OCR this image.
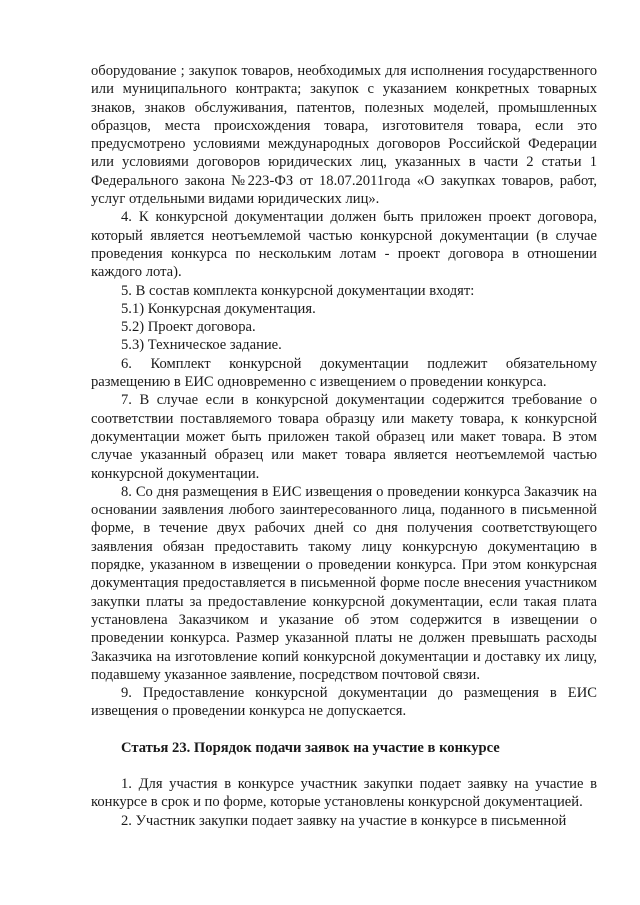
оборудование ; закупок товаров, необходимых для исполнения государственного или муниципального контракта; закупок с указанием конкретных товарных знаков, знаков обслуживания, патентов, полезных моделей, промышленных образцов, места происхождения товара, изготовителя товара, если это предусмотрено условиями международных договоров Российской Федерации или условиями договоров юридических лиц, указанных в части 2 статьи 1 Федерального закона №223-ФЗ от 18.07.2011года «О закупках товаров, работ, услуг отдельными видами юридических лиц».

4. К конкурсной документации должен быть приложен проект договора, который является неотъемлемой частью конкурсной документации (в случае проведения конкурса по нескольким лотам - проект договора в отношении каждого лота).

5. В состав комплекта конкурсной документации входят:

5.1) Конкурсная документация.

5.2) Проект договора.

5.3) Техническое задание.

6. Комплект конкурсной документации подлежит обязательному размещению в ЕИС одновременно с извещением о проведении конкурса.

7. В случае если в конкурсной документации содержится требование о соответствии поставляемого товара образцу или макету товара, к конкурсной документации может быть приложен такой образец или макет товара. В этом случае указанный образец или макет товара является неотъемлемой частью конкурсной документации.

8. Со дня размещения в ЕИС извещения о проведении конкурса Заказчик на основании заявления любого заинтересованного лица, поданного в письменной форме, в течение двух рабочих дней со дня получения соответствующего заявления обязан предоставить такому лицу конкурсную документацию в порядке, указанном в извещении о проведении конкурса. При этом конкурсная документация предоставляется в письменной форме после внесения участником закупки платы за предоставление конкурсной документации, если такая плата установлена Заказчиком и указание об этом содержится в извещении о проведении конкурса. Размер указанной платы не должен превышать расходы Заказчика на изготовление копий конкурсной документации и доставку их лицу, подавшему указанное заявление, посредством почтовой связи.

9. Предоставление конкурсной документации до размещения в ЕИС извещения о проведении конкурса не допускается.

Статья 23. Порядок подачи заявок на участие в конкурсе

1. Для участия в конкурсе участник закупки подает заявку на участие в конкурсе в срок и по форме, которые установлены конкурсной документацией.

2. Участник закупки подает заявку на участие в конкурсе в письменной
